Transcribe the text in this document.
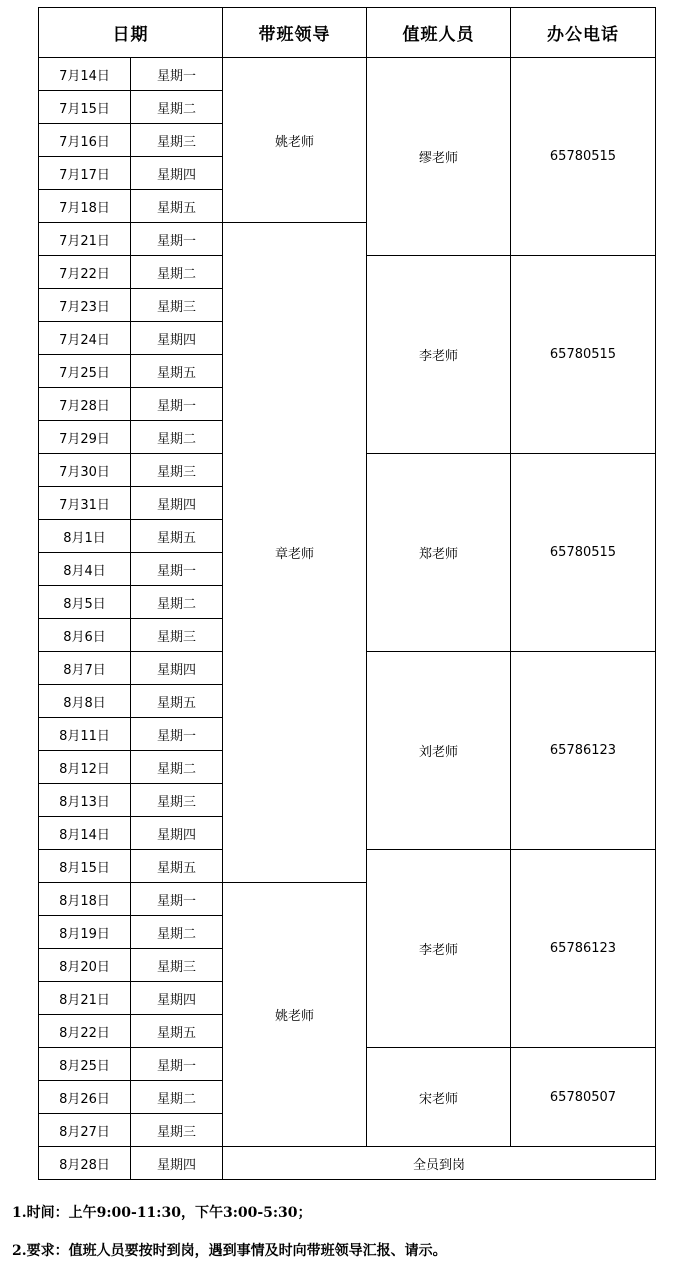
日期		带班领导	值班人员	办公电话
7月14日	星期一	姚老师	缪老师	65780515
7月15日	星期二			
7月16日	星期三			
7月17日	星期四			
7月18日	星期五			
7月21日	星期一	章老师		
7月22日	星期二		李老师	65780515
7月23日	星期三			
7月24日	星期四			
7月25日	星期五			
7月28日	星期一			
7月29日	星期二			
7月30日	星期三		郑老师	65780515
7月31日	星期四			
8月1日	星期五			
8月4日	星期一			
8月5日	星期二			
8月6日	星期三			
8月7日	星期四		刘老师	65786123
8月8日	星期五			
8月11日	星期一			
8月12日	星期二			
8月13日	星期三			
8月14日	星期四			
8月15日	星期五		李老师	65786123
8月18日	星期一	姚老师		
8月19日	星期二			
8月20日	星期三			
8月21日	星期四			
8月22日	星期五			
8月25日	星期一		宋老师	65780507
8月26日	星期二			
8月27日	星期三			
8月28日	星期四	全员到岗		
1.时间：上午9:00-11:30，下午3:00-5:30；
2.要求：值班人员要按时到岗，遇到事情及时向带班领导汇报、请示。
